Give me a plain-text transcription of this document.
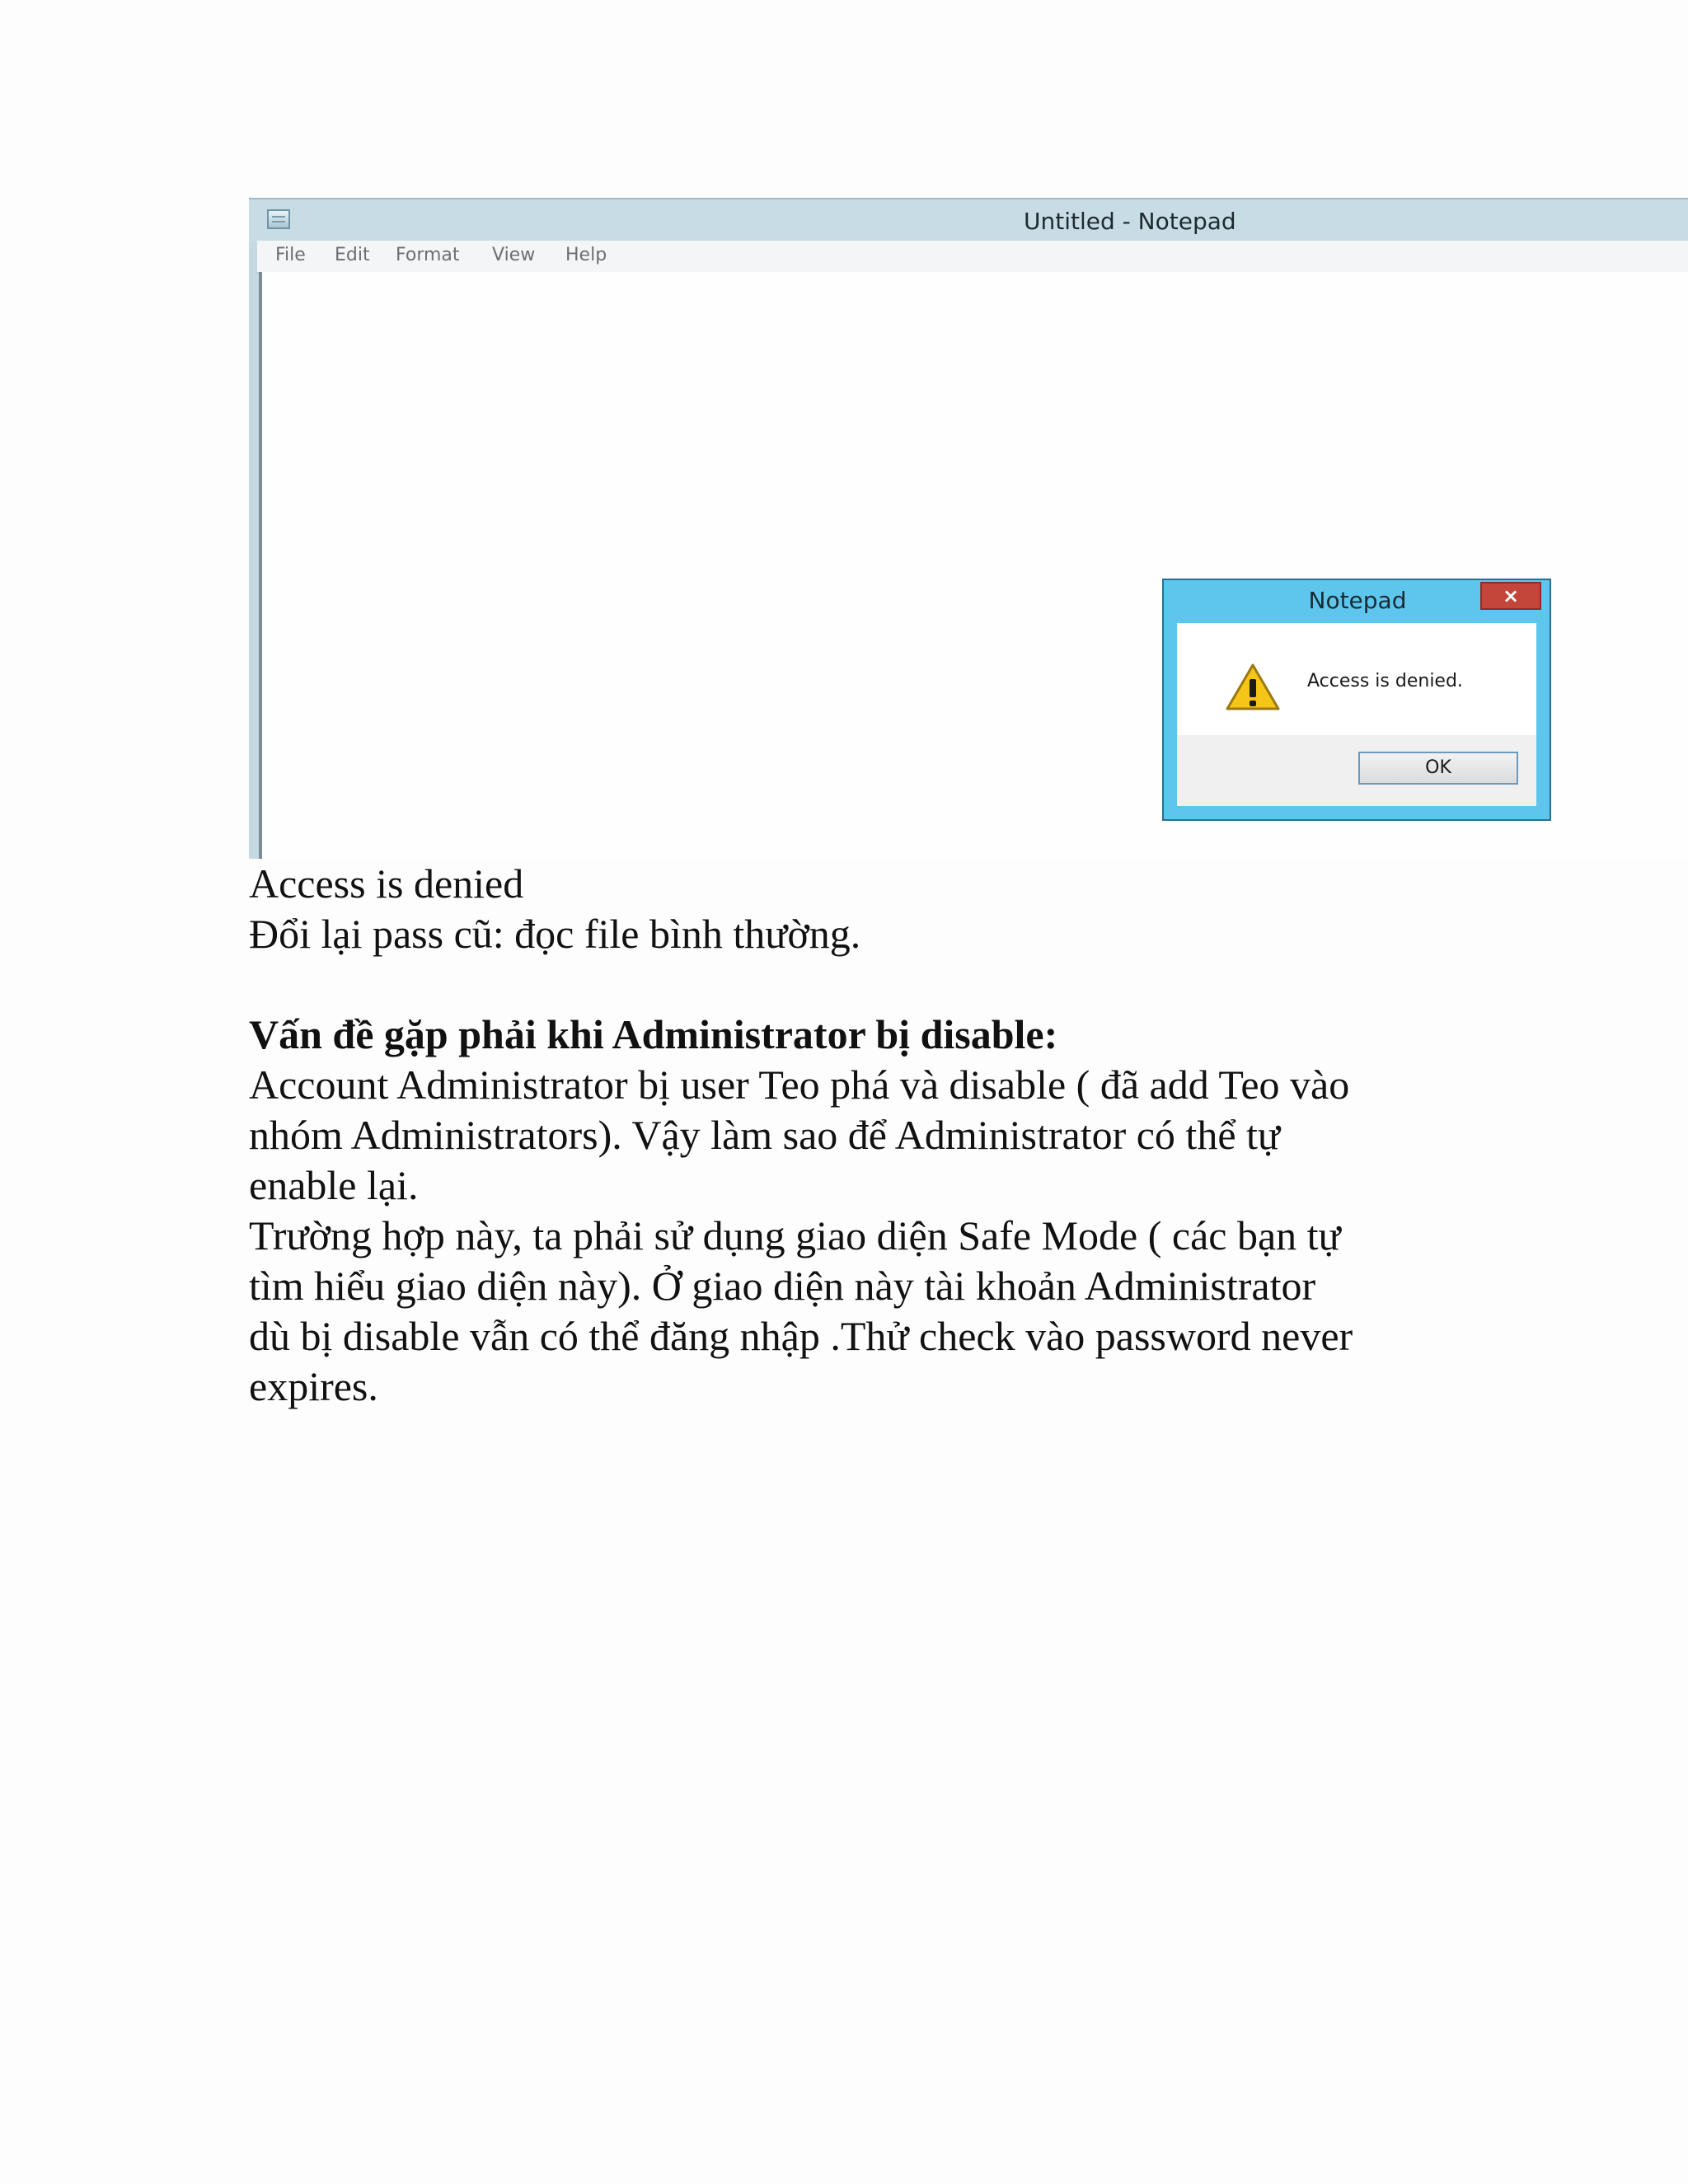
Untitled - Notepad
File Edit Format View Help
Notepad	×
Access is denied.
OK
Access is denied
Đổi lại pass cũ: đọc file bình thường.
Vấn đề gặp phải khi Administrator bị disable:
Account Administrator bị user Teo phá và disable ( đã add Teo vào
nhóm Administrators). Vậy làm sao để Administrator có thể tự
enable lại.
Trường hợp này, ta phải sử dụng giao diện Safe Mode ( các bạn tự
tìm hiểu giao diện này). Ở giao diện này tài khoản Administrator
dù bị disable vẫn có thể đăng nhập .Thử check vào password never
expires.
